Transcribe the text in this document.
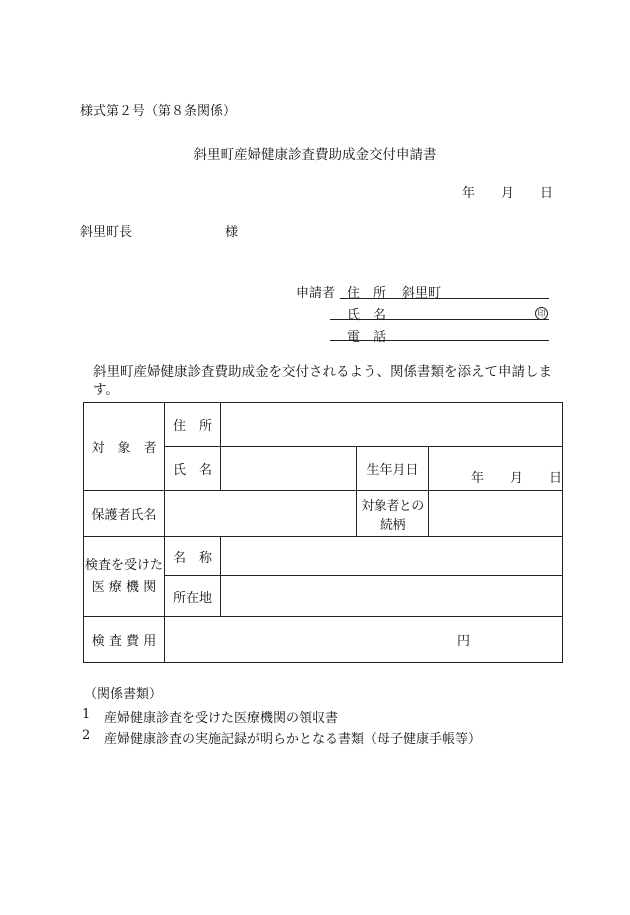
様式第２号（第８条関係）
斜里町産婦健康診査費助成金交付申請書
年　　月　　日
斜里町長	様
申請者 住　所 斜里町
氏　名	印
電　話
斜里町産婦健康診査費助成金を交付されるよう、関係書類を添えて申請します。
対　象　者	住　所			
	氏　名		生年月日	年　　月　　日
保護者氏名			対象者との続柄	

検査を受けた
医 療 機 関	名　称			
	所在地			
検 査 費 用	円			
（関係書類）
1 産婦健康診査を受けた医療機関の領収書
2 産婦健康診査の実施記録が明らかとなる書類（母子健康手帳等）
